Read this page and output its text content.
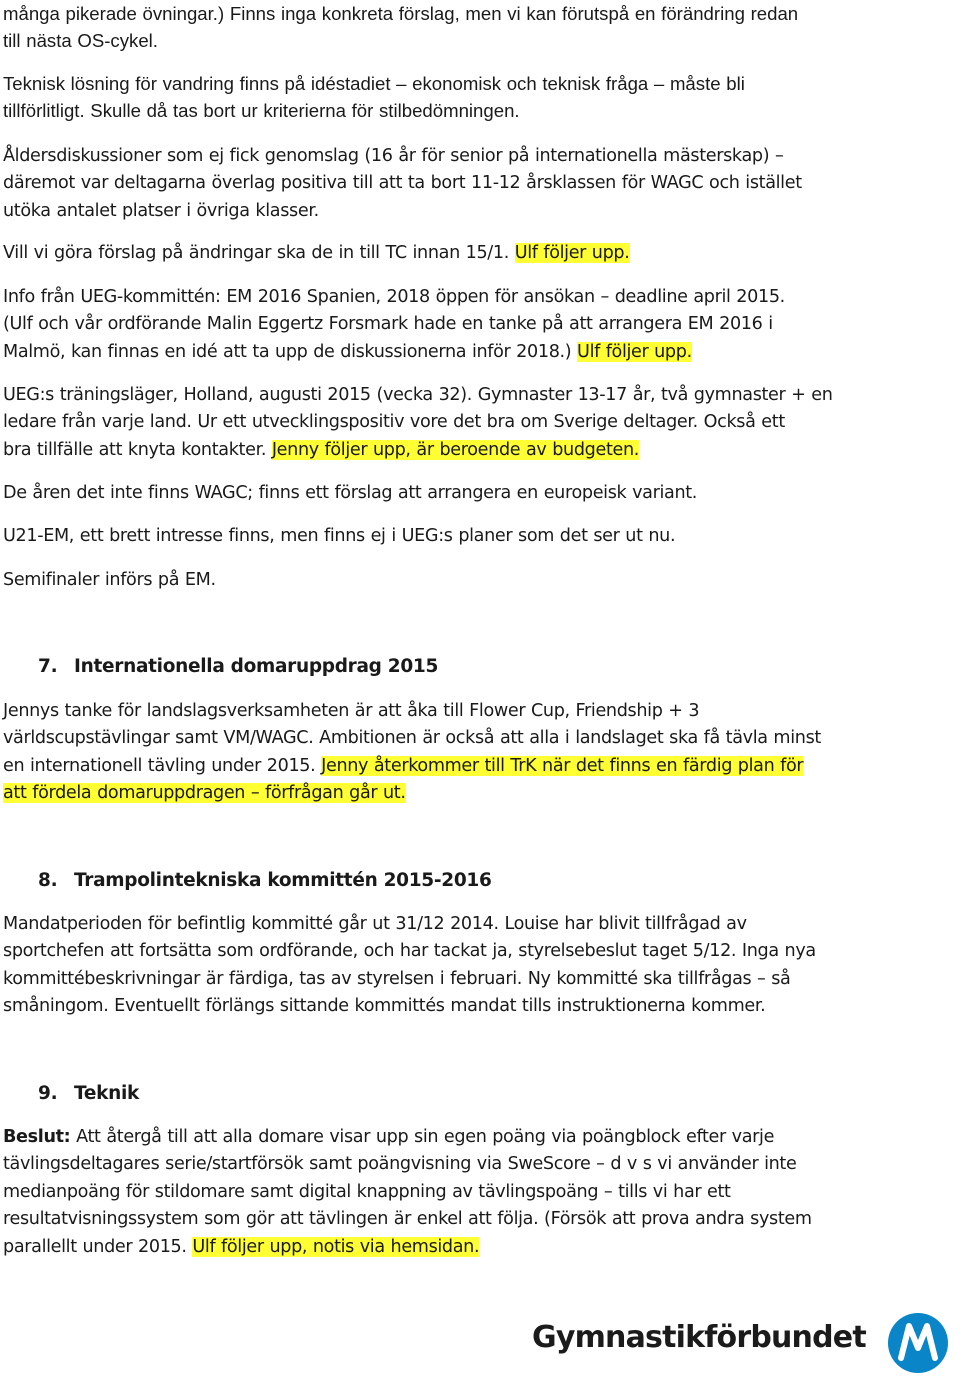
många pikerade övningar.) Finns inga konkreta förslag, men vi kan förutspå en förändring redan
till nästa OS-cykel.
Teknisk lösning för vandring finns på idéstadiet – ekonomisk och teknisk fråga – måste bli
tillförlitligt. Skulle då tas bort ur kriterierna för stilbedömningen.
Åldersdiskussioner som ej fick genomslag (16 år för senior på internationella mästerskap) –
däremot var deltagarna överlag positiva till att ta bort 11-12 årsklassen för WAGC och istället
utöka antalet platser i övriga klasser.
Vill vi göra förslag på ändringar ska de in till TC innan 15/1. Ulf följer upp.
Info från UEG-kommittén: EM 2016 Spanien, 2018 öppen för ansökan – deadline april 2015.
(Ulf och vår ordförande Malin Eggertz Forsmark hade en tanke på att arrangera EM 2016 i
Malmö, kan finnas en idé att ta upp de diskussionerna inför 2018.) Ulf följer upp.
UEG:s träningsläger, Holland, augusti 2015 (vecka 32). Gymnaster 13-17 år, två gymnaster + en
ledare från varje land. Ur ett utvecklingspositiv vore det bra om Sverige deltager. Också ett
bra tillfälle att knyta kontakter. Jenny följer upp, är beroende av budgeten.
De åren det inte finns WAGC; finns ett förslag att arrangera en europeisk variant.
U21-EM, ett brett intresse finns, men finns ej i UEG:s planer som det ser ut nu.
Semifinaler införs på EM.
7. Internationella domaruppdrag 2015
Jennys tanke för landslagsverksamheten är att åka till Flower Cup, Friendship + 3
världscupstävlingar samt VM/WAGC. Ambitionen är också att alla i landslaget ska få tävla minst
en internationell tävling under 2015. Jenny återkommer till TrK när det finns en färdig plan för
att fördela domaruppdragen – förfrågan går ut.
8. Trampolintekniska kommittén 2015-2016
Mandatperioden för befintlig kommitté går ut 31/12 2014. Louise har blivit tillfrågad av
sportchefen att fortsätta som ordförande, och har tackat ja, styrelsebeslut taget 5/12. Inga nya
kommittébeskrivningar är färdiga, tas av styrelsen i februari. Ny kommitté ska tillfrågas – så
småningom. Eventuellt förlängs sittande kommittés mandat tills instruktionerna kommer.
9. Teknik
Beslut: Att återgå till att alla domare visar upp sin egen poäng via poängblock efter varje
tävlingsdeltagares serie/startförsök samt poängvisning via SweScore – d v s vi använder inte
medianpoäng för stildomare samt digital knappning av tävlingspoäng – tills vi har ett
resultatvisningssystem som gör att tävlingen är enkel att följa. (Försök att prova andra system
parallellt under 2015. Ulf följer upp, notis via hemsidan.
Gymnastikförbundet
